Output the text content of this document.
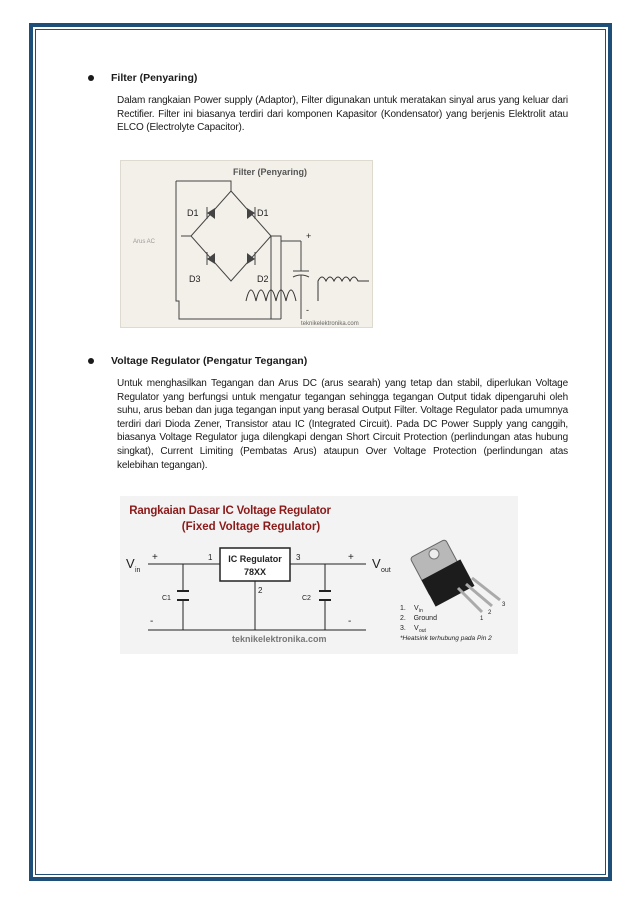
Filter (Penyaring)

Dalam rangkaian Power supply (Adaptor), Filter digunakan untuk meratakan sinyal arus yang keluar dari Rectifier. Filter ini biasanya terdiri dari komponen Kapasitor (Kondensator) yang berjenis Elektrolit atau ELCO (Electrolyte Capacitor).

Filter (Penyaring)
D1	D1
D3	D2
Arus AC
+
-
teknikelektronika.com
Voltage Regulator (Pengatur Tegangan)

Untuk menghasilkan Tegangan dan Arus DC (arus searah) yang tetap dan stabil, diperlukan Voltage Regulator yang berfungsi untuk mengatur tegangan sehingga tegangan Output tidak dipengaruhi oleh suhu, arus beban dan juga tegangan input yang berasal Output Filter. Voltage Regulator pada umumnya terdiri dari Dioda Zener, Transistor atau IC (Integrated Circuit). Pada DC Power Supply yang canggih, biasanya Voltage Regulator juga dilengkapi dengan Short Circuit Protection (perlindungan atas hubung singkat), Current Limiting (Pembatas Arus) ataupun Over Voltage Protection (perlindungan atas kelebihan tegangan).

Rangkaian Dasar IC Voltage Regulator
(Fixed Voltage Regulator)
V in
+
-
V out
+
-
C1	C2
IC Regulator
78XX
1	3
2
teknikelektronika.com
1
2
3
1. V in
2.    Ground
3. V out
*Heatsink terhubung pada Pin 2
